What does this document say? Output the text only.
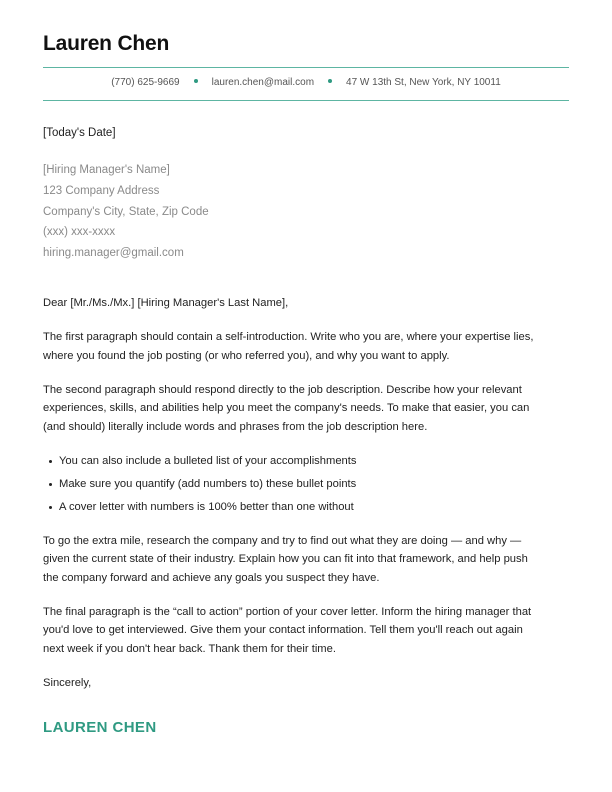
Lauren Chen
(770) 625-9669	lauren.chen@mail.com	47 W 13th St, New York, NY 10011
[Today's Date]
[Hiring Manager's Name]
123 Company Address
Company's City, State, Zip Code
(xxx) xxx-xxxx
hiring.manager@gmail.com

Dear [Mr./Ms./Mx.] [Hiring Manager's Last Name],

The first paragraph should contain a self-introduction. Write who you are, where your expertise lies, where you found the job posting (or who referred you), and why you want to apply.

The second paragraph should respond directly to the job description. Describe how your relevant experiences, skills, and abilities help you meet the company's needs. To make that easier, you can (and should) literally include words and phrases from the job description here.

You can also include a bulleted list of your accomplishments
Make sure you quantify (add numbers to) these bullet points
A cover letter with numbers is 100% better than one without

To go the extra mile, research the company and try to find out what they are doing — and why — given the current state of their industry. Explain how you can fit into that framework, and help push the company forward and achieve any goals you suspect they have.

The final paragraph is the “call to action” portion of your cover letter. Inform the hiring manager that you'd love to get interviewed. Give them your contact information. Tell them you'll reach out again next week if you don't hear back. Thank them for their time.

Sincerely,

LAUREN CHEN
